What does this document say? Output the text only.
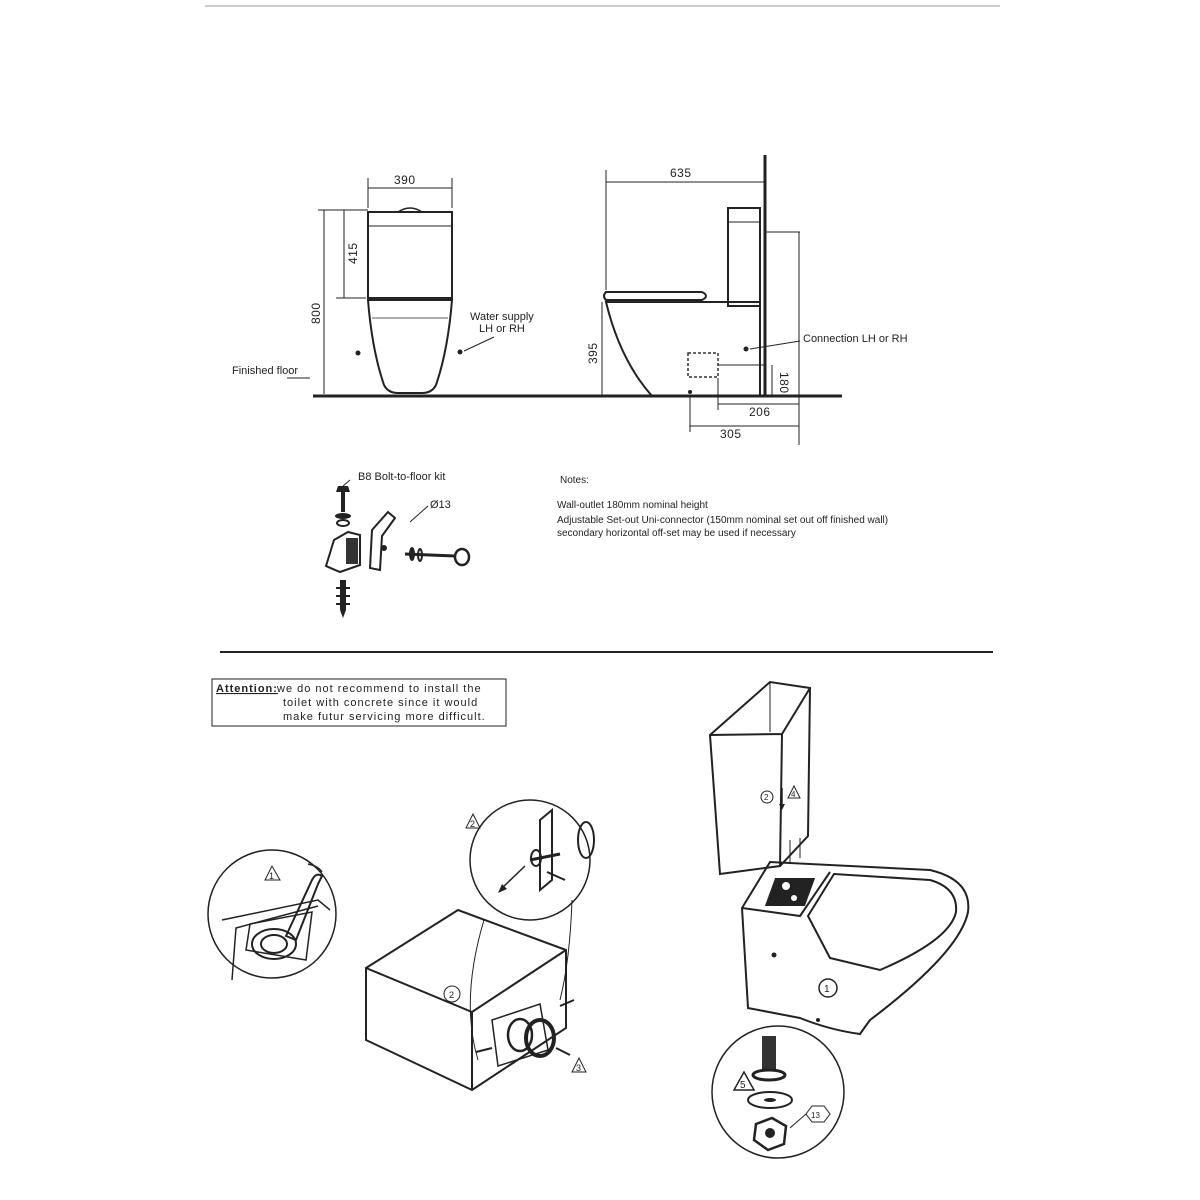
390
415
800
Finished floor
Water supply
LH or RH
635
395
180
206
305
Connection LH or RH
B8 Bolt-to-floor kit
Ø13
Notes:
Wall-outlet 180mm nominal height
Adjustable Set-out Uni-connector (150mm nominal set out off finished wall)
secondary horizontal off-set may be used if necessary
Attention: we do not recommend to install the
toilet with concrete since it would
make futur servicing more difficult.
1
2
2
3
2	4
1
5
13
